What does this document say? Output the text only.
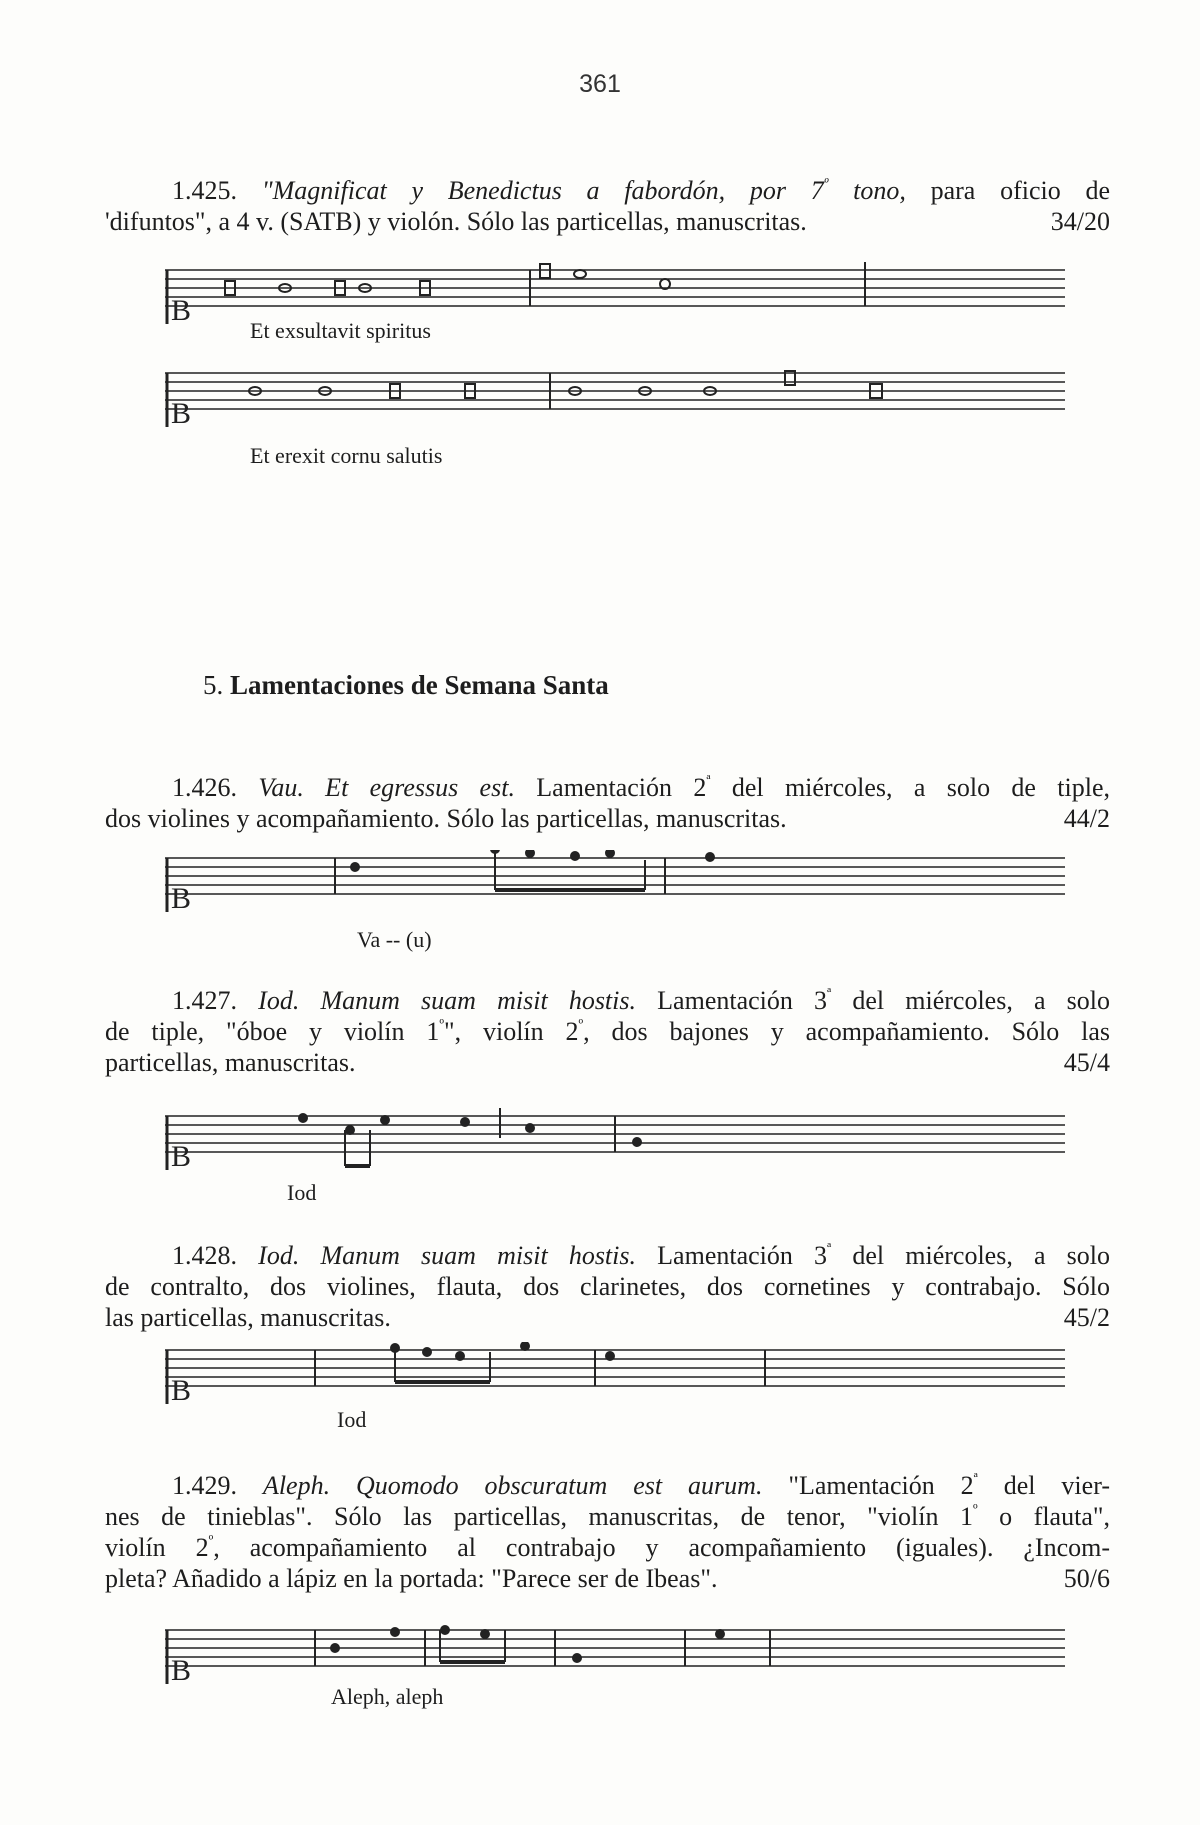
361
1.425. "Magnificat y Benedictus a fabordón, por $7^º$ tono, para oficio de
'difuntos", a 4 v. (SATB) y violón. Sólo las particellas, manuscritas.	34/20
Et exsultavit spiritus
Et erexit cornu salutis
5. Lamentaciones de Semana Santa
1.426. Vau. Et egressus est. Lamentación $2^ª$ del miércoles, a solo de tiple,
dos violines y acompañamiento. Sólo las particellas, manuscritas.	44/2
Va -- (u)
1.427. Iod. Manum suam misit hostis. Lamentación $3^ª$ del miércoles, a solo
de tiple, "óboe y violín $1^º$", violín $2^º$, dos bajones y acompañamiento. Sólo las
particellas, manuscritas.	45/4
Iod
1.428. Iod. Manum suam misit hostis. Lamentación $3^ª$ del miércoles, a solo
de contralto, dos violines, flauta, dos clarinetes, dos cornetines y contrabajo. Sólo
las particellas, manuscritas.	45/2
Iod
1.429. Aleph. Quomodo obscuratum est aurum. "Lamentación $2^ª$ del vier-
nes de tinieblas". Sólo las particellas, manuscritas, de tenor, "violín $1^º$ o flauta",
violín $2^º$, acompañamiento al contrabajo y acompañamiento (iguales). ¿Incom-
pleta? Añadido a lápiz en la portada: "Parece ser de Ibeas".	50/6
Aleph, aleph
